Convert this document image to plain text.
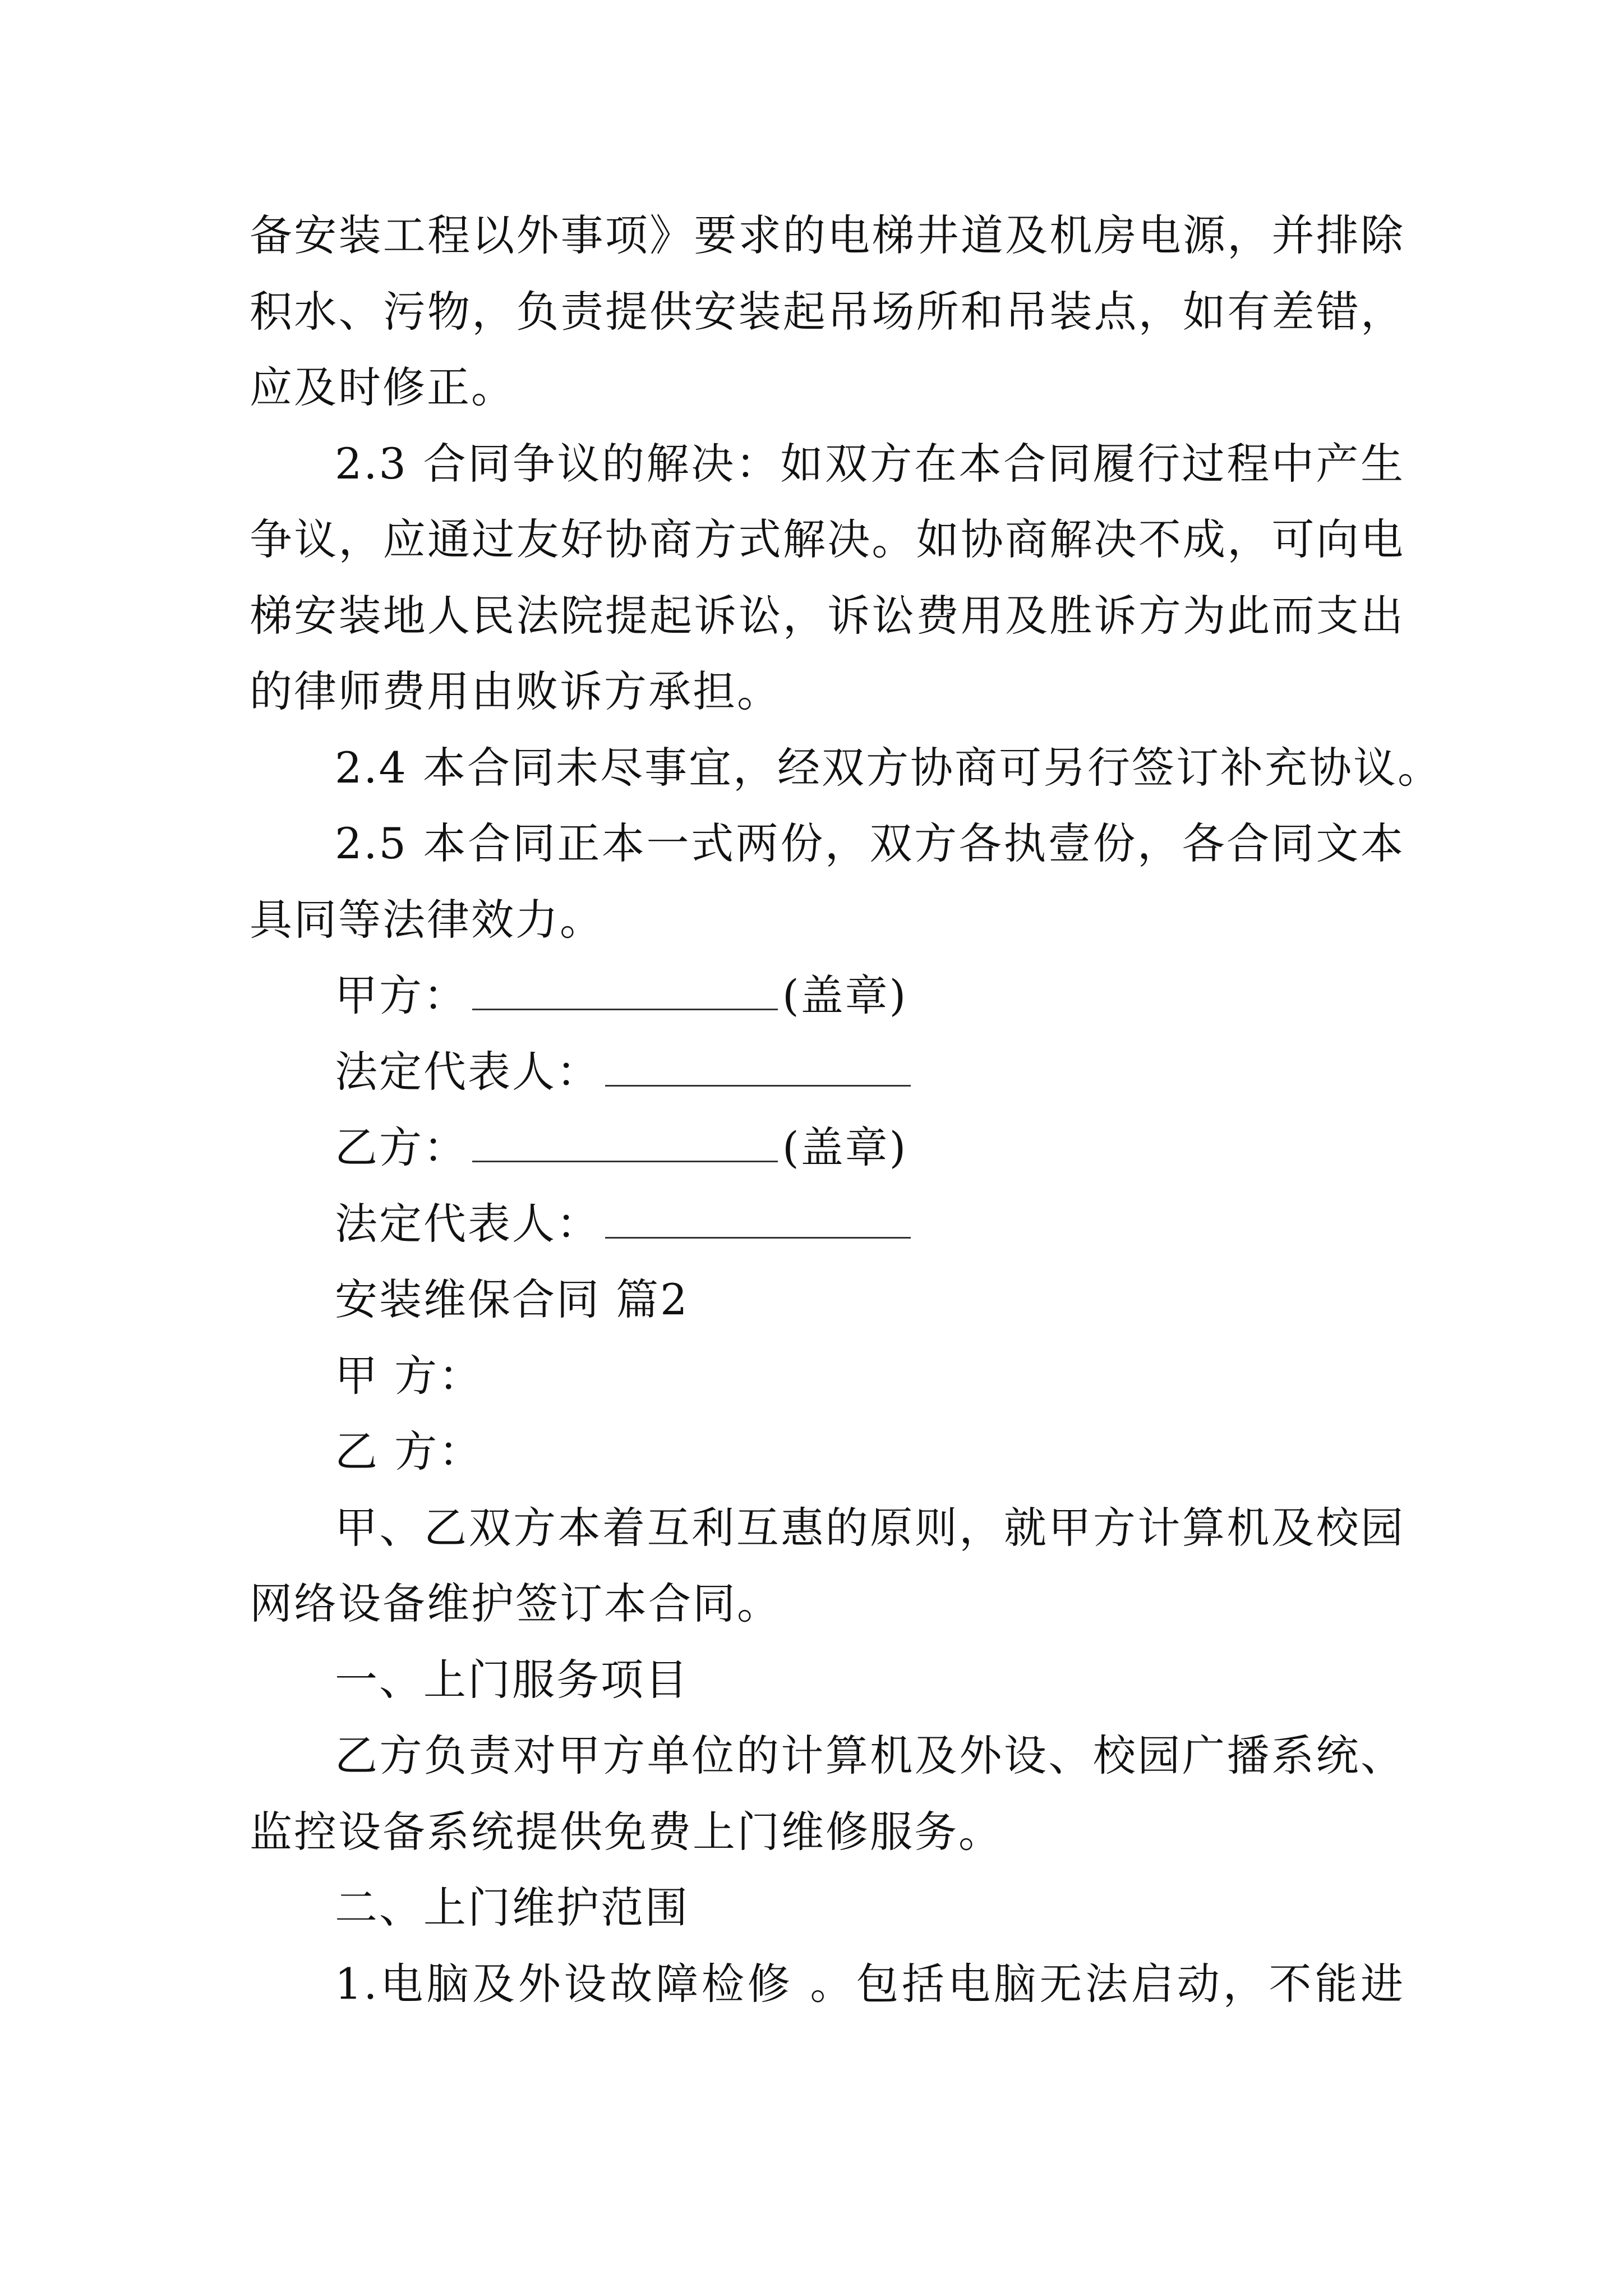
备安装工程以外事项》要求的电梯井道及机房电源，并排除
积水、污物，负责提供安装起吊场所和吊装点，如有差错，
应及时修正。
2.3 合同争议的解决：如双方在本合同履行过程中产生
争议，应通过友好协商方式解决。如协商解决不成，可向电
梯安装地人民法院提起诉讼，诉讼费用及胜诉方为此而支出
的律师费用由败诉方承担。
2.4 本合同未尽事宜，经双方协商可另行签订补充协议。
2.5 本合同正本一式两份，双方各执壹份，各合同文本
具同等法律效力。
甲方：	(盖章)
法定代表人：
乙方：	(盖章)
法定代表人：
安装维保合同 篇2
甲 方：
乙 方：
甲、乙双方本着互利互惠的原则，就甲方计算机及校园
网络设备维护签订本合同。
一、上门服务项目
乙方负责对甲方单位的计算机及外设、校园广播系统、
监控设备系统提供免费上门维修服务。
二、上门维护范围
1.电脑及外设故障检修 。包括电脑无法启动，不能进
